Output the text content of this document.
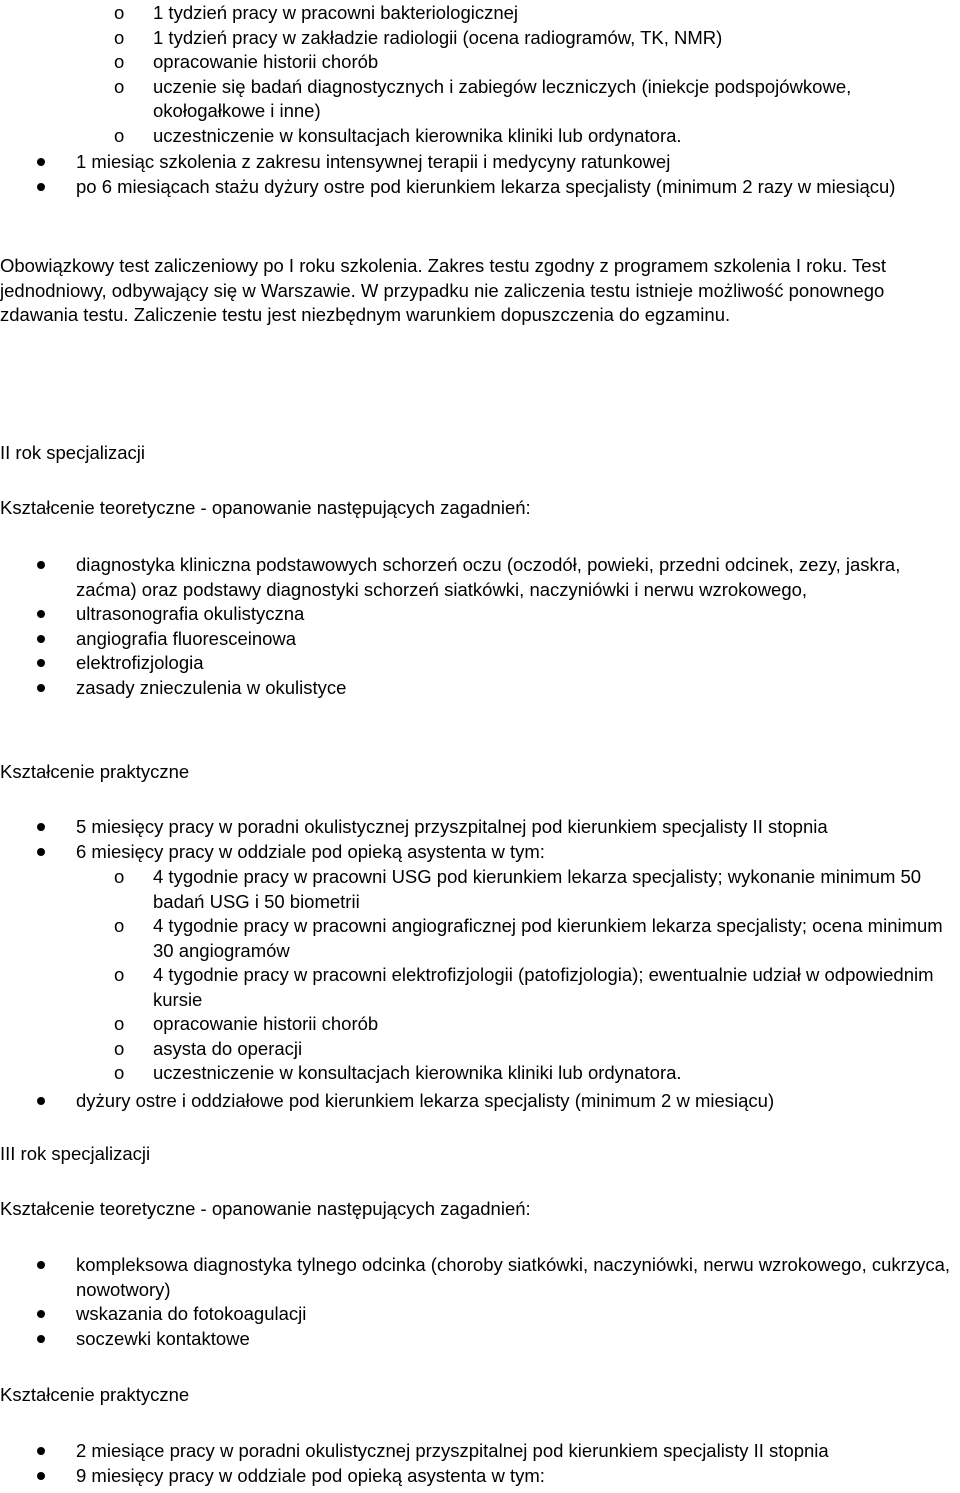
o 1 tydzień pracy w pracowni bakteriologicznej
o 1 tydzień pracy w zakładzie radiologii (ocena radiogramów, TK, NMR)
o opracowanie historii chorób
o uczenie się badań diagnostycznych i zabiegów leczniczych (iniekcje podspojówkowe, okołogałkowe i inne)
o uczestniczenie w konsultacjach kierownika kliniki lub ordynatora.
1 miesiąc szkolenia z zakresu intensywnej terapii i medycyny ratunkowej
po 6 miesiącach stażu dyżury ostre pod kierunkiem lekarza specjalisty (minimum 2 razy w miesiącu)

Obowiązkowy test zaliczeniowy po I roku szkolenia. Zakres testu zgodny z programem szkolenia I roku. Test jednodniowy, odbywający się w Warszawie. W przypadku nie zaliczenia testu istnieje możliwość ponownego zdawania testu. Zaliczenie testu jest niezbędnym warunkiem dopuszczenia do egzaminu.

II rok specjalizacji
Kształcenie teoretyczne - opanowanie następujących zagadnień:
diagnostyka kliniczna podstawowych schorzeń oczu (oczodół, powieki, przedni odcinek, zezy, jaskra, zaćma) oraz podstawy diagnostyki schorzeń siatkówki, naczyniówki i nerwu wzrokowego,
ultrasonografia okulistyczna
angiografia fluoresceinowa
elektrofizjologia
zasady znieczulenia w okulistyce
Kształcenie praktyczne
5 miesięcy pracy w poradni okulistycznej przyszpitalnej pod kierunkiem specjalisty II stopnia
6 miesięcy pracy w oddziale pod opieką asystenta w tym:
o 4 tygodnie pracy w pracowni USG pod kierunkiem lekarza specjalisty; wykonanie minimum 50 badań USG i 50 biometrii
o 4 tygodnie pracy w pracowni angiograficznej pod kierunkiem lekarza specjalisty; ocena minimum 30 angiogramów
o 4 tygodnie pracy w pracowni elektrofizjologii (patofizjologia); ewentualnie udział w odpowiednim kursie
o opracowanie historii chorób
o asysta do operacji
o uczestniczenie w konsultacjach kierownika kliniki lub ordynatora.
dyżury ostre i oddziałowe pod kierunkiem lekarza specjalisty (minimum 2 w miesiącu)
III rok specjalizacji
Kształcenie teoretyczne - opanowanie następujących zagadnień:
kompleksowa diagnostyka tylnego odcinka (choroby siatkówki, naczyniówki, nerwu wzrokowego, cukrzyca, nowotwory)
wskazania do fotokoagulacji
soczewki kontaktowe
Kształcenie praktyczne
2 miesiące pracy w poradni okulistycznej przyszpitalnej pod kierunkiem specjalisty II stopnia
9 miesięcy pracy w oddziale pod opieką asystenta w tym:
